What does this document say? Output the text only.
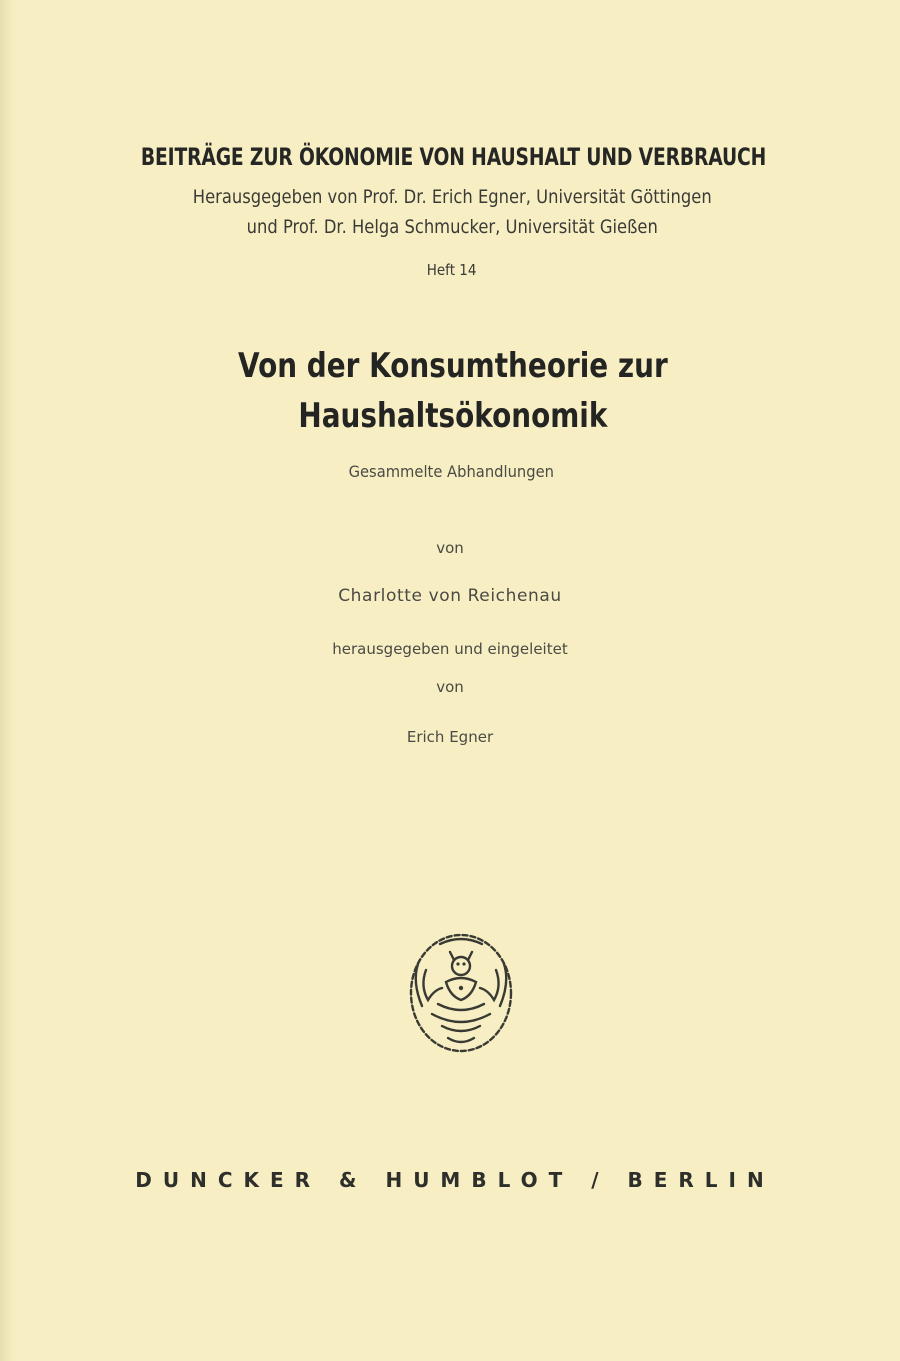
BEITRÄGE ZUR ÖKONOMIE VON HAUSHALT UND VERBRAUCH
Herausgegeben von Prof. Dr. Erich Egner, Universität Göttingen
und Prof. Dr. Helga Schmucker, Universität Gießen
Heft 14
Von der Konsumtheorie zur
Haushaltsökonomik
Gesammelte Abhandlungen
von
Charlotte von Reichenau
herausgegeben und eingeleitet
von
Erich Egner
DUNCKER & HUMBLOT / BERLIN
